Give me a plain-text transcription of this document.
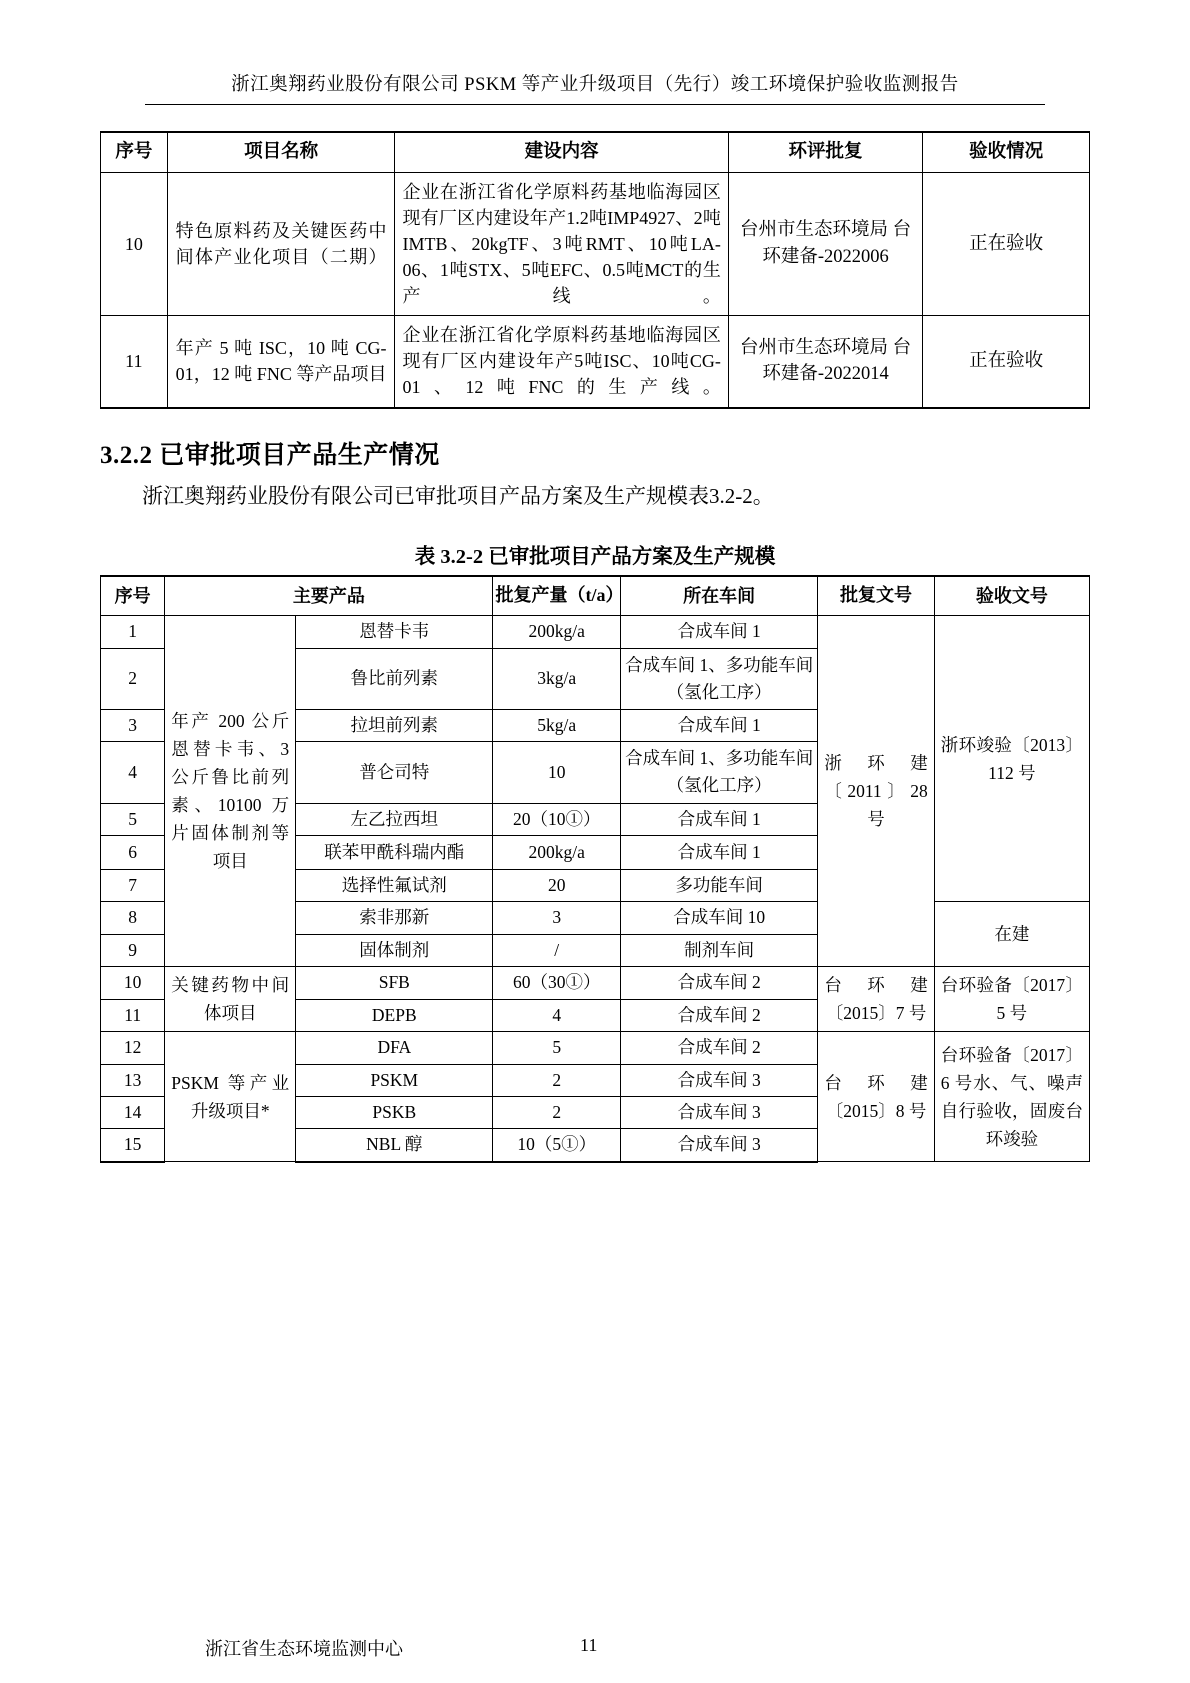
浙江奥翔药业股份有限公司 PSKM 等产业升级项目（先行）竣工环境保护验收监测报告
序号	项目名称	建设内容	环评批复	验收情况
10	特色原料药及关键医药中间体产业化项目（二期）	企业在浙江省化学原料药基地临海园区现有厂区内建设年产1.2吨IMP4927、2吨IMTB、20kgTF、3吨RMT、10吨LA-06、1吨STX、5吨EFC、0.5吨MCT的生产线。	台州市生态环境局 台环建备-2022006	正在验收
11	年产 5 吨 ISC，10 吨 CG-01，12 吨 FNC 等产品项目	企业在浙江省化学原料药基地临海园区现有厂区内建设年产5吨ISC、10吨CG-01、12吨FNC的生产线。	台州市生态环境局 台环建备-2022014	正在验收
3.2.2 已审批项目产品生产情况

浙江奥翔药业股份有限公司已审批项目产品方案及生产规模表3.2-2。

表 3.2-2 已审批项目产品方案及生产规模
序号	主要产品		批复产量（t/a）	所在车间	批复文号	验收文号
1	年产 200 公斤恩替卡韦、3 公斤鲁比前列素、10100 万片固体制剂等项目	恩替卡韦	200kg/a	合成车间 1	浙环建〔2011〕28 号	浙环竣验〔2013〕112 号
2		鲁比前列素	3kg/a	合成车间 1、多功能车间（氢化工序）		
3		拉坦前列素	5kg/a	合成车间 1		
4		普仑司特	10	合成车间 1、多功能车间（氢化工序）		
5		左乙拉西坦	20（10①）	合成车间 1		
6		联苯甲酰科瑞内酯	200kg/a	合成车间 1		
7		选择性氟试剂	20	多功能车间		
8		索非那新	3	合成车间 10		在建
9		固体制剂	/	制剂车间		
10	关键药物中间体项目	SFB	60（30①）	合成车间 2	台环建〔2015〕7 号	台环验备〔2017〕5 号
11		DEPB	4	合成车间 2		
12	PSKM 等产业升级项目*	DFA	5	合成车间 2	台环建〔2015〕8 号	台环验备〔2017〕6 号水、气、噪声自行验收，固废台环竣验
13		PSKM	2	合成车间 3		
14		PSKB	2	合成车间 3		
15		NBL 醇	10（5①）	合成车间 3		
浙江省生态环境监测中心	11
